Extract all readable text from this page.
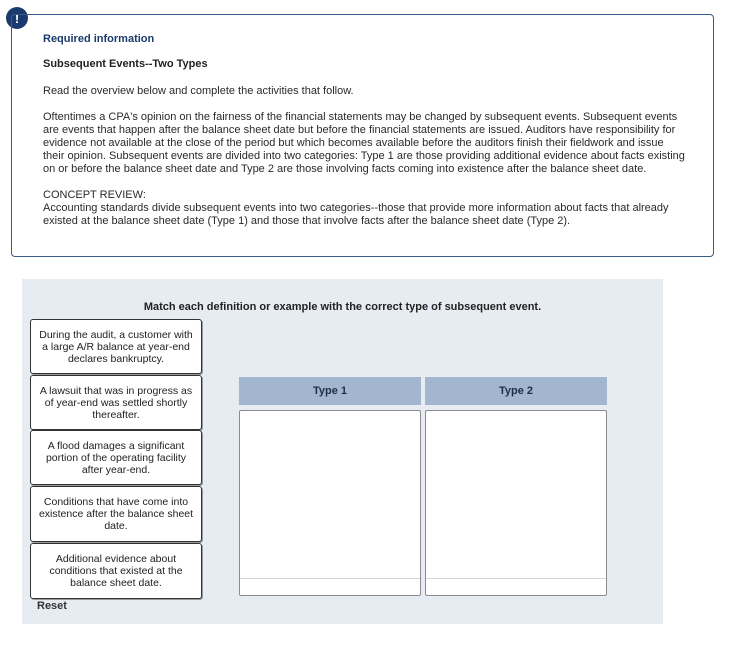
!
Required information
Subsequent Events--Two Types
Read the overview below and complete the activities that follow.
Oftentimes a CPA's opinion on the fairness of the financial statements may be changed by subsequent events. Subsequent events are events that happen after the balance sheet date but before the financial statements are issued. Auditors have responsibility for evidence not available at the close of the period but which becomes available before the auditors finish their fieldwork and issue their opinion. Subsequent events are divided into two categories: Type 1 are those providing additional evidence about facts existing on or before the balance sheet date and Type 2 are those involving facts coming into existence after the balance sheet date.
CONCEPT REVIEW:
Accounting standards divide subsequent events into two categories--those that provide more information about facts that already existed at the balance sheet date (Type 1) and those that involve facts after the balance sheet date (Type 2).
Match each definition or example with the correct type of subsequent event.
During the audit, a customer with a large A/R balance at year-end declares bankruptcy.
A lawsuit that was in progress as of year-end was settled shortly thereafter.
A flood damages a significant portion of the operating facility after year-end.
Conditions that have come into existence after the balance sheet date.
Additional evidence about conditions that existed at the balance sheet date.
Reset
Type 1	Type 2
